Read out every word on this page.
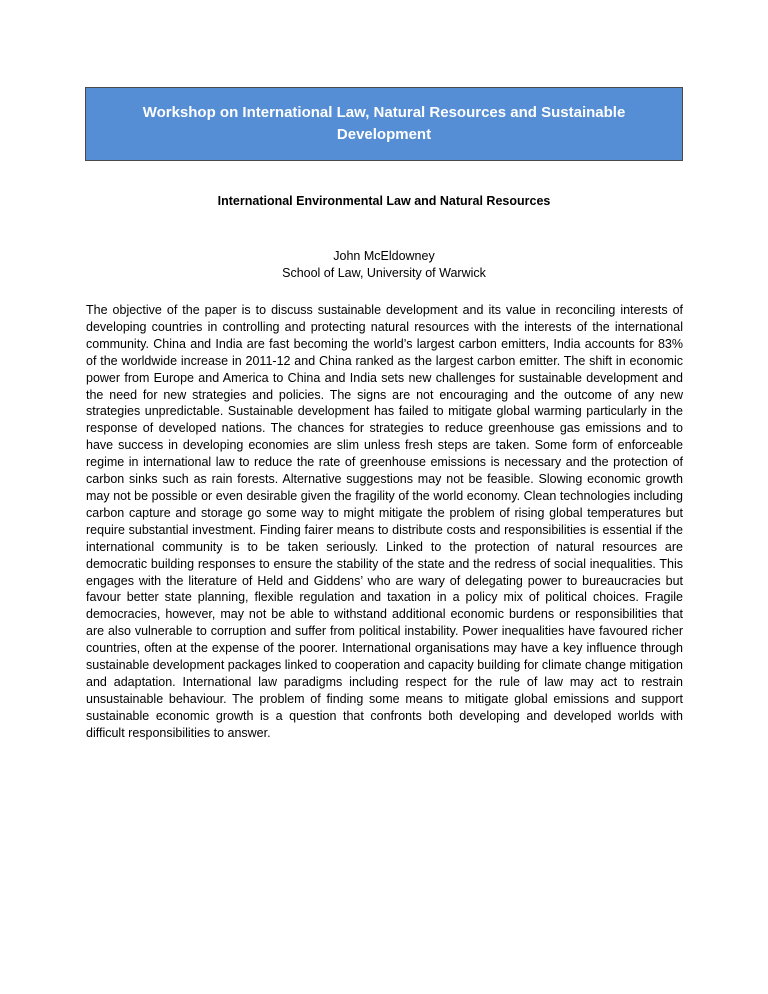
Workshop on International Law, Natural Resources and Sustainable Development
International Environmental Law and Natural Resources
John McEldowney
School of Law, University of Warwick

The objective of the paper is to discuss sustainable development and its value in reconciling interests of developing countries in controlling and protecting natural resources with the interests of the international community. China and India are fast becoming the world’s largest carbon emitters, India accounts for 83% of the worldwide increase in 2011-12 and China ranked as the largest carbon emitter. The shift in economic power from Europe and America to China and India sets new challenges for sustainable development and the need for new strategies and policies. The signs are not encouraging and the outcome of any new strategies unpredictable. Sustainable development has failed to mitigate global warming particularly in the response of developed nations. The chances for strategies to reduce greenhouse gas emissions and to have success in developing economies are slim unless fresh steps are taken. Some form of enforceable regime in international law to reduce the rate of greenhouse emissions is necessary and the protection of carbon sinks such as rain forests. Alternative suggestions may not be feasible. Slowing economic growth may not be possible or even desirable given the fragility of the world economy. Clean technologies including carbon capture and storage go some way to might mitigate the problem of rising global temperatures but require substantial investment. Finding fairer means to distribute costs and responsibilities is essential if the international community is to be taken seriously. Linked to the protection of natural resources are democratic building responses to ensure the stability of the state and the redress of social inequalities. This engages with the literature of Held and Giddens’ who are wary of delegating power to bureaucracies but favour better state planning, flexible regulation and taxation in a policy mix of political choices. Fragile democracies, however, may not be able to withstand additional economic burdens or responsibilities that are also vulnerable to corruption and suffer from political instability. Power inequalities have favoured richer countries, often at the expense of the poorer. International organisations may have a key influence through sustainable development packages linked to cooperation and capacity building for climate change mitigation and adaptation. International law paradigms including respect for the rule of law may act to restrain unsustainable behaviour. The problem of finding some means to mitigate global emissions and support sustainable economic growth is a question that confronts both developing and developed worlds with difficult responsibilities to answer.
